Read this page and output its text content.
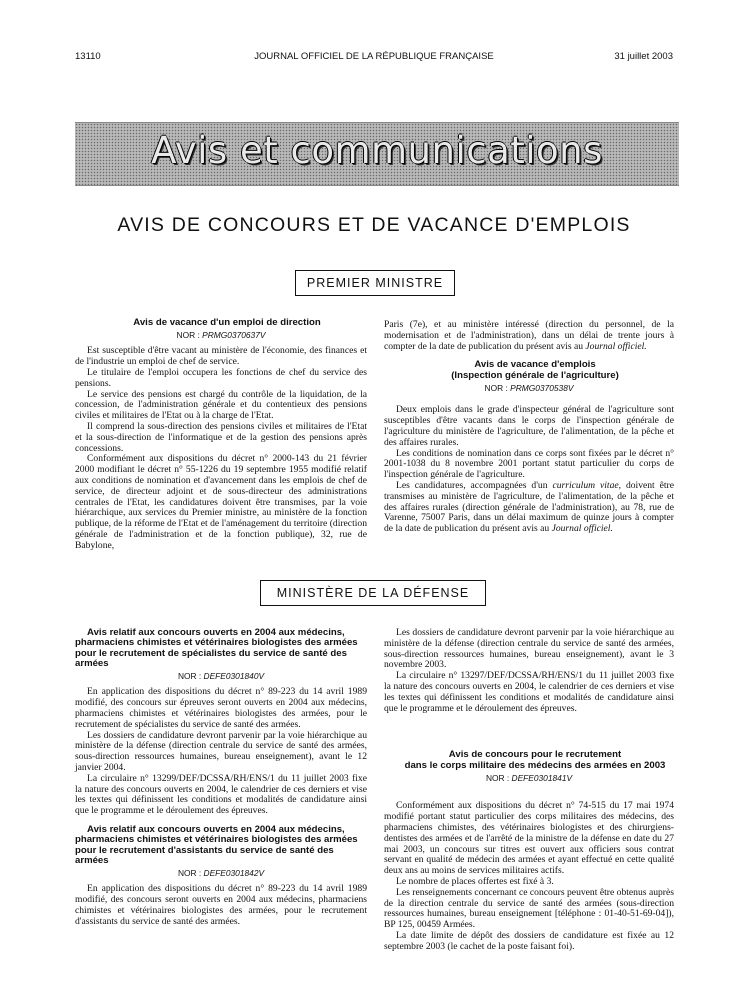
13110	JOURNAL OFFICIEL DE LA RÉPUBLIQUE FRANÇAISE	31 juillet 2003
Avis et communications
AVIS DE CONCOURS ET DE VACANCE D'EMPLOIS
PREMIER MINISTRE

Avis de vacance d'un emploi de direction

NOR : PRMG0370637V

Est susceptible d'être vacant au ministère de l'économie, des finances et de l'industrie un emploi de chef de service.

Le titulaire de l'emploi occupera les fonctions de chef du service des pensions.

Le service des pensions est chargé du contrôle de la liquidation, de la concession, de l'administration générale et du contentieux des pensions civiles et militaires de l'Etat ou à la charge de l'Etat.

Il comprend la sous-direction des pensions civiles et militaires de l'Etat et la sous-direction de l'informatique et de la gestion des pensions après concessions.

Conformément aux dispositions du décret n° 2000-143 du 21 février 2000 modifiant le décret n° 55-1226 du 19 septembre 1955 modifié relatif aux conditions de nomination et d'avancement dans les emplois de chef de service, de directeur adjoint et de sous-directeur des administrations centrales de l'Etat, les candidatures doivent être transmises, par la voie hiérarchique, aux services du Premier ministre, au ministère de la fonction publique, de la réforme de l'Etat et de l'aménagement du territoire (direction générale de l'administration et de la fonction publique), 32, rue de Babylone,

Paris (7e), et au ministère intéressé (direction du personnel, de la modernisation et de l'administration), dans un délai de trente jours à compter de la date de publication du présent avis au Journal officiel.

Avis de vacance d'emplois

(Inspection générale de l'agriculture)

NOR : PRMG0370538V

Deux emplois dans le grade d'inspecteur général de l'agriculture sont susceptibles d'être vacants dans le corps de l'inspection générale de l'agriculture du ministère de l'agriculture, de l'alimentation, de la pêche et des affaires rurales.

Les conditions de nomination dans ce corps sont fixées par le décret n° 2001-1038 du 8 novembre 2001 portant statut particulier du corps de l'inspection générale de l'agriculture.

Les candidatures, accompagnées d'un curriculum vitae, doivent être transmises au ministère de l'agriculture, de l'alimentation, de la pêche et des affaires rurales (direction générale de l'administration), au 78, rue de Varenne, 75007 Paris, dans un délai maximum de quinze jours à compter de la date de publication du présent avis au Journal officiel.

MINISTÈRE DE LA DÉFENSE

Avis relatif aux concours ouverts en 2004 aux médecins, pharmaciens chimistes et vétérinaires biologistes des armées pour le recrutement de spécialistes du service de santé des armées

NOR : DEFE0301840V

En application des dispositions du décret n° 89-223 du 14 avril 1989 modifié, des concours sur épreuves seront ouverts en 2004 aux médecins, pharmaciens chimistes et vétérinaires biologistes des armées, pour le recrutement de spécialistes du service de santé des armées.

Les dossiers de candidature devront parvenir par la voie hiérarchique au ministère de la défense (direction centrale du service de santé des armées, sous-direction ressources humaines, bureau enseignement), avant le 12 janvier 2004.

La circulaire n° 13299/DEF/DCSSA/RH/ENS/1 du 11 juillet 2003 fixe la nature des concours ouverts en 2004, le calendrier de ces derniers et vise les textes qui définissent les conditions et modalités de candidature ainsi que le programme et le déroulement des épreuves.

Avis relatif aux concours ouverts en 2004 aux médecins, pharmaciens chimistes et vétérinaires biologistes des armées pour le recrutement d'assistants du service de santé des armées

NOR : DEFE0301842V

En application des dispositions du décret n° 89-223 du 14 avril 1989 modifié, des concours seront ouverts en 2004 aux médecins, pharmaciens chimistes et vétérinaires biologistes des armées, pour le recrutement d'assistants du service de santé des armées.

Les dossiers de candidature devront parvenir par la voie hiérarchique au ministère de la défense (direction centrale du service de santé des armées, sous-direction ressources humaines, bureau enseignement), avant le 3 novembre 2003.

La circulaire n° 13297/DEF/DCSSA/RH/ENS/1 du 11 juillet 2003 fixe la nature des concours ouverts en 2004, le calendrier de ces derniers et vise les textes qui définissent les conditions et modalités de candidature ainsi que le programme et le déroulement des épreuves.

Avis de concours pour le recrutement

dans le corps militaire des médecins des armées en 2003

NOR : DEFE0301841V

Conformément aux dispositions du décret n° 74-515 du 17 mai 1974 modifié portant statut particulier des corps militaires des médecins, des pharmaciens chimistes, des vétérinaires biologistes et des chirurgiens-dentistes des armées et de l'arrêté de la ministre de la défense en date du 27 mai 2003, un concours sur titres est ouvert aux officiers sous contrat servant en qualité de médecin des armées et ayant effectué en cette qualité deux ans au moins de services militaires actifs.

Le nombre de places offertes est fixé à 3.

Les renseignements concernant ce concours peuvent être obtenus auprès de la direction centrale du service de santé des armées (sous-direction ressources humaines, bureau enseignement [téléphone : 01-40-51-69-04]), BP 125, 00459 Armées.

La date limite de dépôt des dossiers de candidature est fixée au 12 septembre 2003 (le cachet de la poste faisant foi).
